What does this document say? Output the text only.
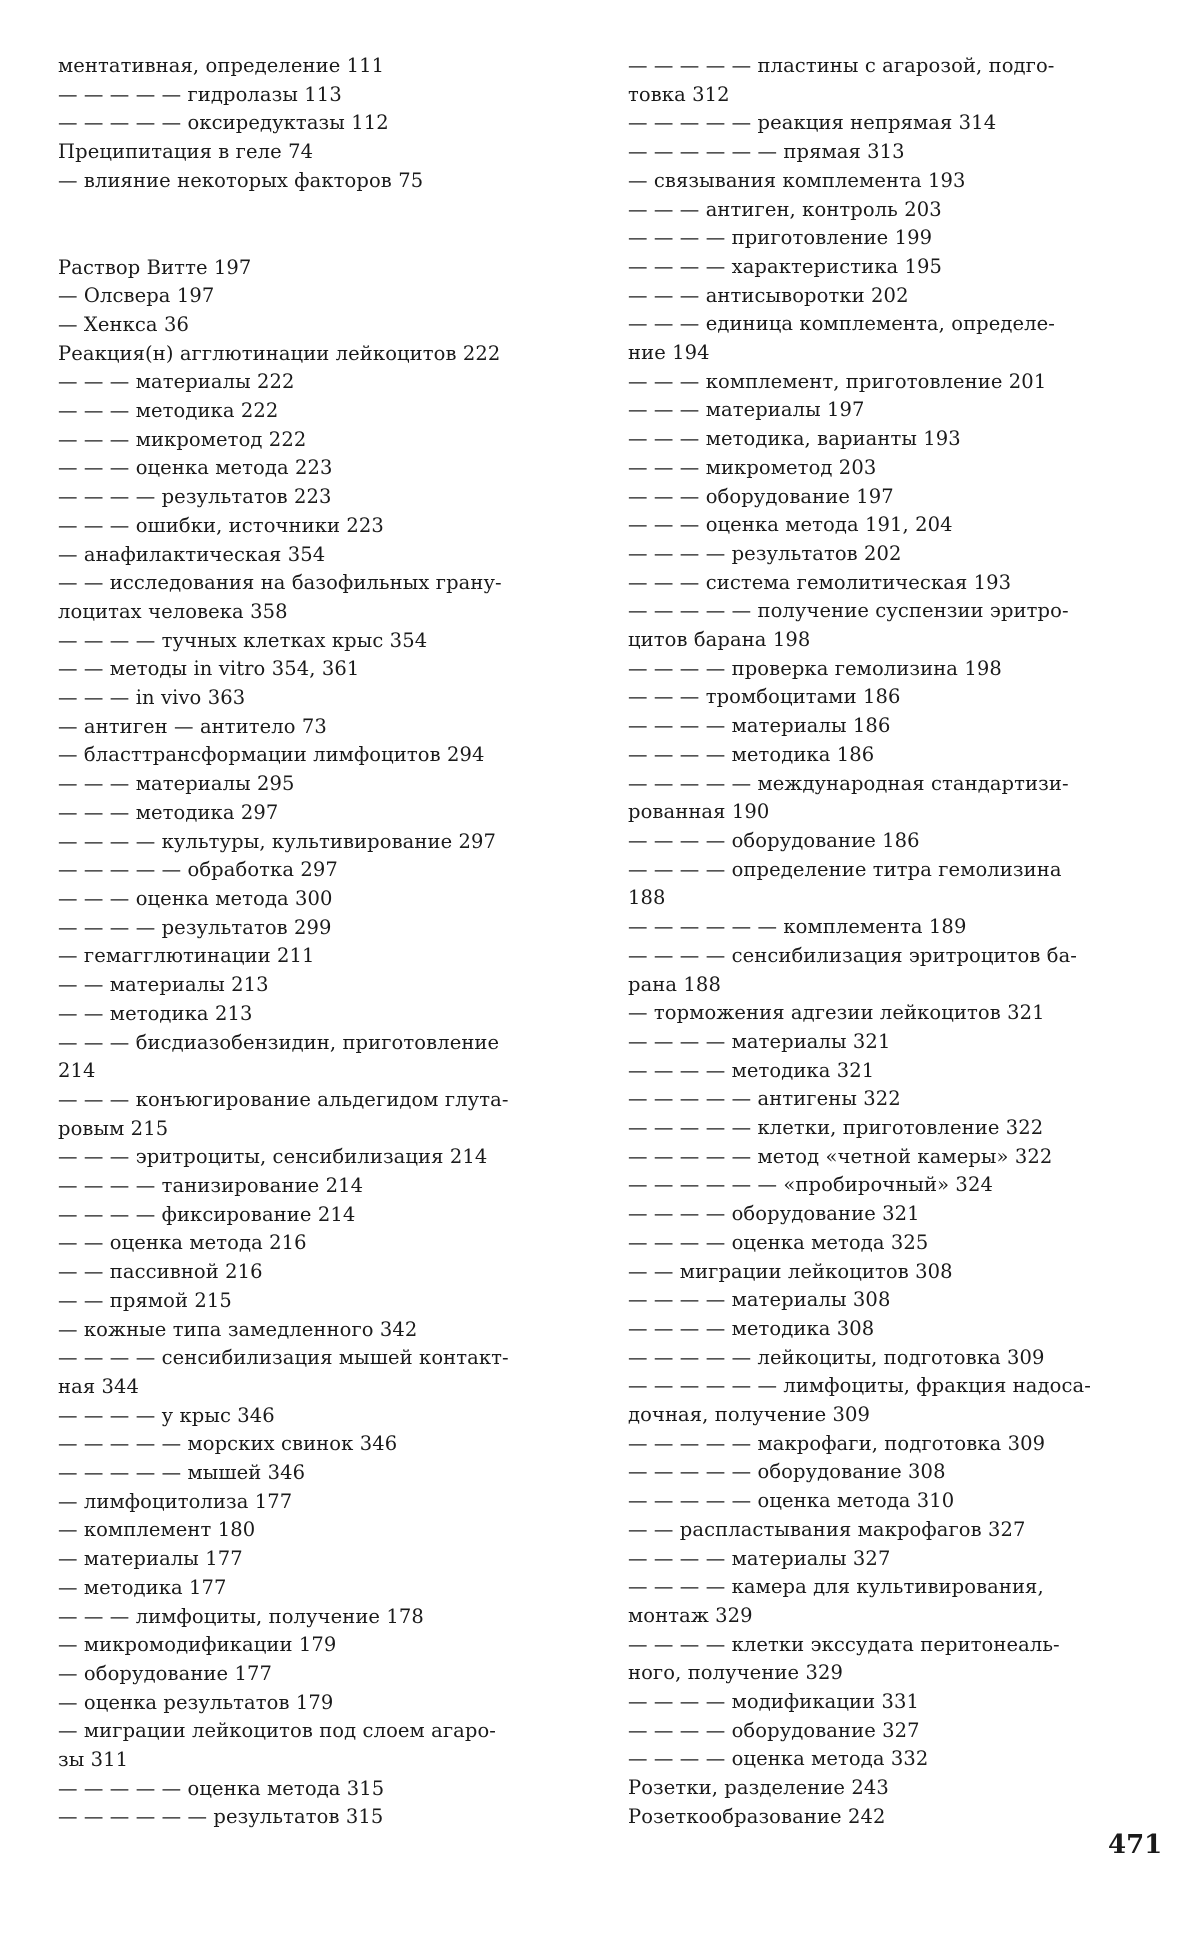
ментативная, определение 111
— — — — — гидролазы 113
— — — — — оксиредуктазы 112
Преципитация в геле 74
— влияние некоторых факторов 75
Раствор Витте 197
— Олсвера 197
— Хенкса 36
Реакция(н) агглютинации лейкоцитов 222
— — — материалы 222
— — — методика 222
— — — микрометод 222
— — — оценка метода 223
— — — — результатов 223
— — — ошибки, источники 223
— анафилактическая 354
— — исследования на базофильных грану-
лоцитах человека 358
— — — — тучных клетках крыс 354
— — методы in vitro 354, 361
— — — in vivo 363
— антиген — антитело 73
— бласттрансформации лимфоцитов 294
— — — материалы 295
— — — методика 297
— — — — культуры, культивирование 297
— — — — — обработка 297
— — — оценка метода 300
— — — — результатов 299
— гемагглютинации 211
— — материалы 213
— — методика 213
— — — бисдиазобензидин, приготовление
214
— — — конъюгирование альдегидом глута-
ровым 215
— — — эритроциты, сенсибилизация 214
— — — — танизирование 214
— — — — фиксирование 214
— — оценка метода 216
— — пассивной 216
— — прямой 215
— кожные типа замедленного 342
— — — — сенсибилизация мышей контакт-
ная 344
— — — — у крыс 346
— — — — — морских свинок 346
— — — — — мышей 346
— лимфоцитолиза 177
— комплемент 180
— материалы 177
— методика 177
— — — лимфоциты, получение 178
— микромодификации 179
— оборудование 177
— оценка результатов 179
— миграции лейкоцитов под слоем агаро-
зы 311
— — — — — оценка метода 315
— — — — — — результатов 315
— — — — — пластины с агарозой, подго-
товка 312
— — — — — реакция непрямая 314
— — — — — — прямая 313
— связывания комплемента 193
— — — антиген, контроль 203
— — — — приготовление 199
— — — — характеристика 195
— — — антисыворотки 202
— — — единица комплемента, определе-
ние 194
— — — комплемент, приготовление 201
— — — материалы 197
— — — методика, варианты 193
— — — микрометод 203
— — — оборудование 197
— — — оценка метода 191, 204
— — — — результатов 202
— — — система гемолитическая 193
— — — — — получение суспензии эритро-
цитов барана 198
— — — — проверка гемолизина 198
— — — тромбоцитами 186
— — — — материалы 186
— — — — методика 186
— — — — — международная стандартизи-
рованная 190
— — — — оборудование 186
— — — — определение титра гемолизина
188
— — — — — — комплемента 189
— — — — сенсибилизация эритроцитов ба-
рана 188
— торможения адгезии лейкоцитов 321
— — — — материалы 321
— — — — методика 321
— — — — — антигены 322
— — — — — клетки, приготовление 322
— — — — — метод «четной камеры» 322
— — — — — — «пробирочный» 324
— — — — оборудование 321
— — — — оценка метода 325
— — миграции лейкоцитов 308
— — — — материалы 308
— — — — методика 308
— — — — — лейкоциты, подготовка 309
— — — — — — лимфоциты, фракция надоса-
дочная, получение 309
— — — — — макрофаги, подготовка 309
— — — — — оборудование 308
— — — — — оценка метода 310
— — распластывания макрофагов 327
— — — — материалы 327
— — — — камера для культивирования,
монтаж 329
— — — — клетки экссудата перитонеаль-
ного, получение 329
— — — — модификации 331
— — — — оборудование 327
— — — — оценка метода 332
Розетки, разделение 243
Розеткообразование 242
471
